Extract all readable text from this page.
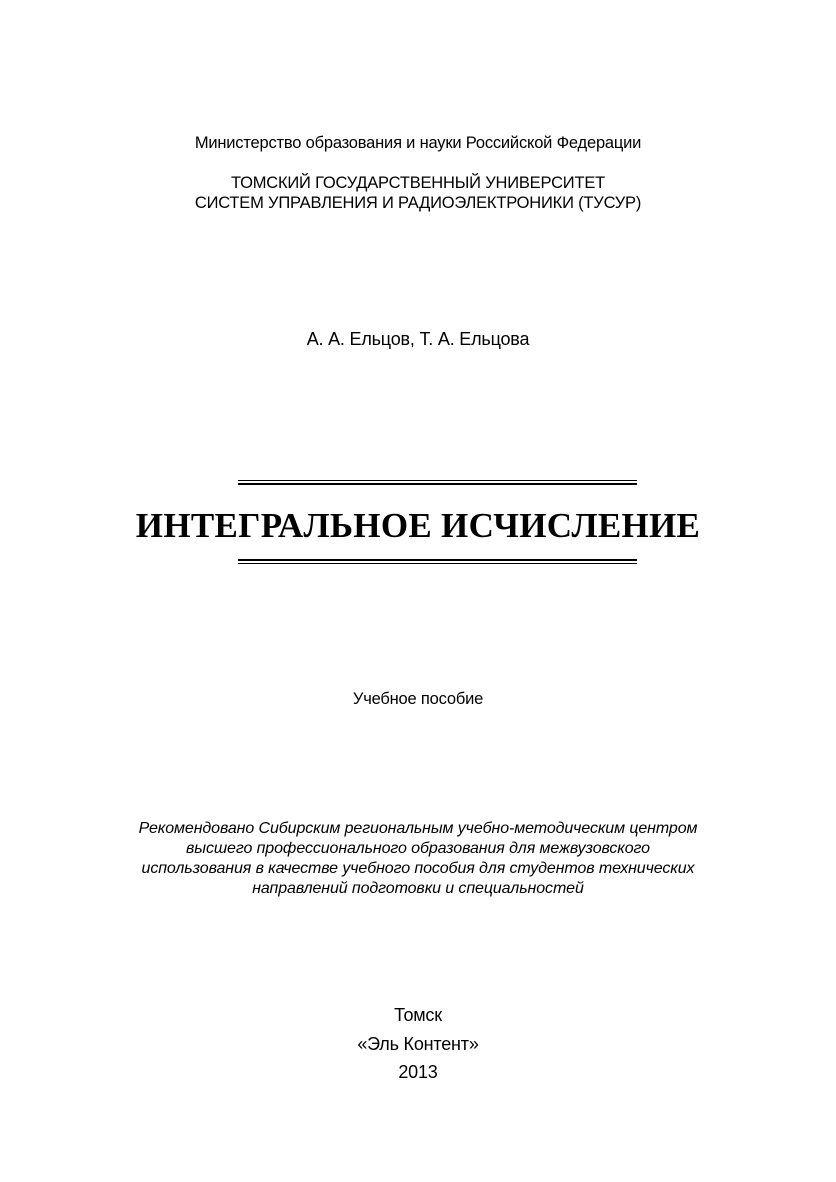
Министерство образования и науки Российской Федерации
ТОМСКИЙ ГОСУДАРСТВЕННЫЙ УНИВЕРСИТЕТ
СИСТЕМ УПРАВЛЕНИЯ И РАДИОЭЛЕКТРОНИКИ (ТУСУР)
А. А. Ельцов, Т. А. Ельцова
ИНТЕГРАЛЬНОЕ ИСЧИСЛЕНИЕ
Учебное пособие
Рекомендовано Сибирским региональным учебно-методическим центром
высшего профессионального образования для межвузовского
использования в качестве учебного пособия для студентов технических
направлений подготовки и специальностей
Томск
«Эль Контент»
2013
